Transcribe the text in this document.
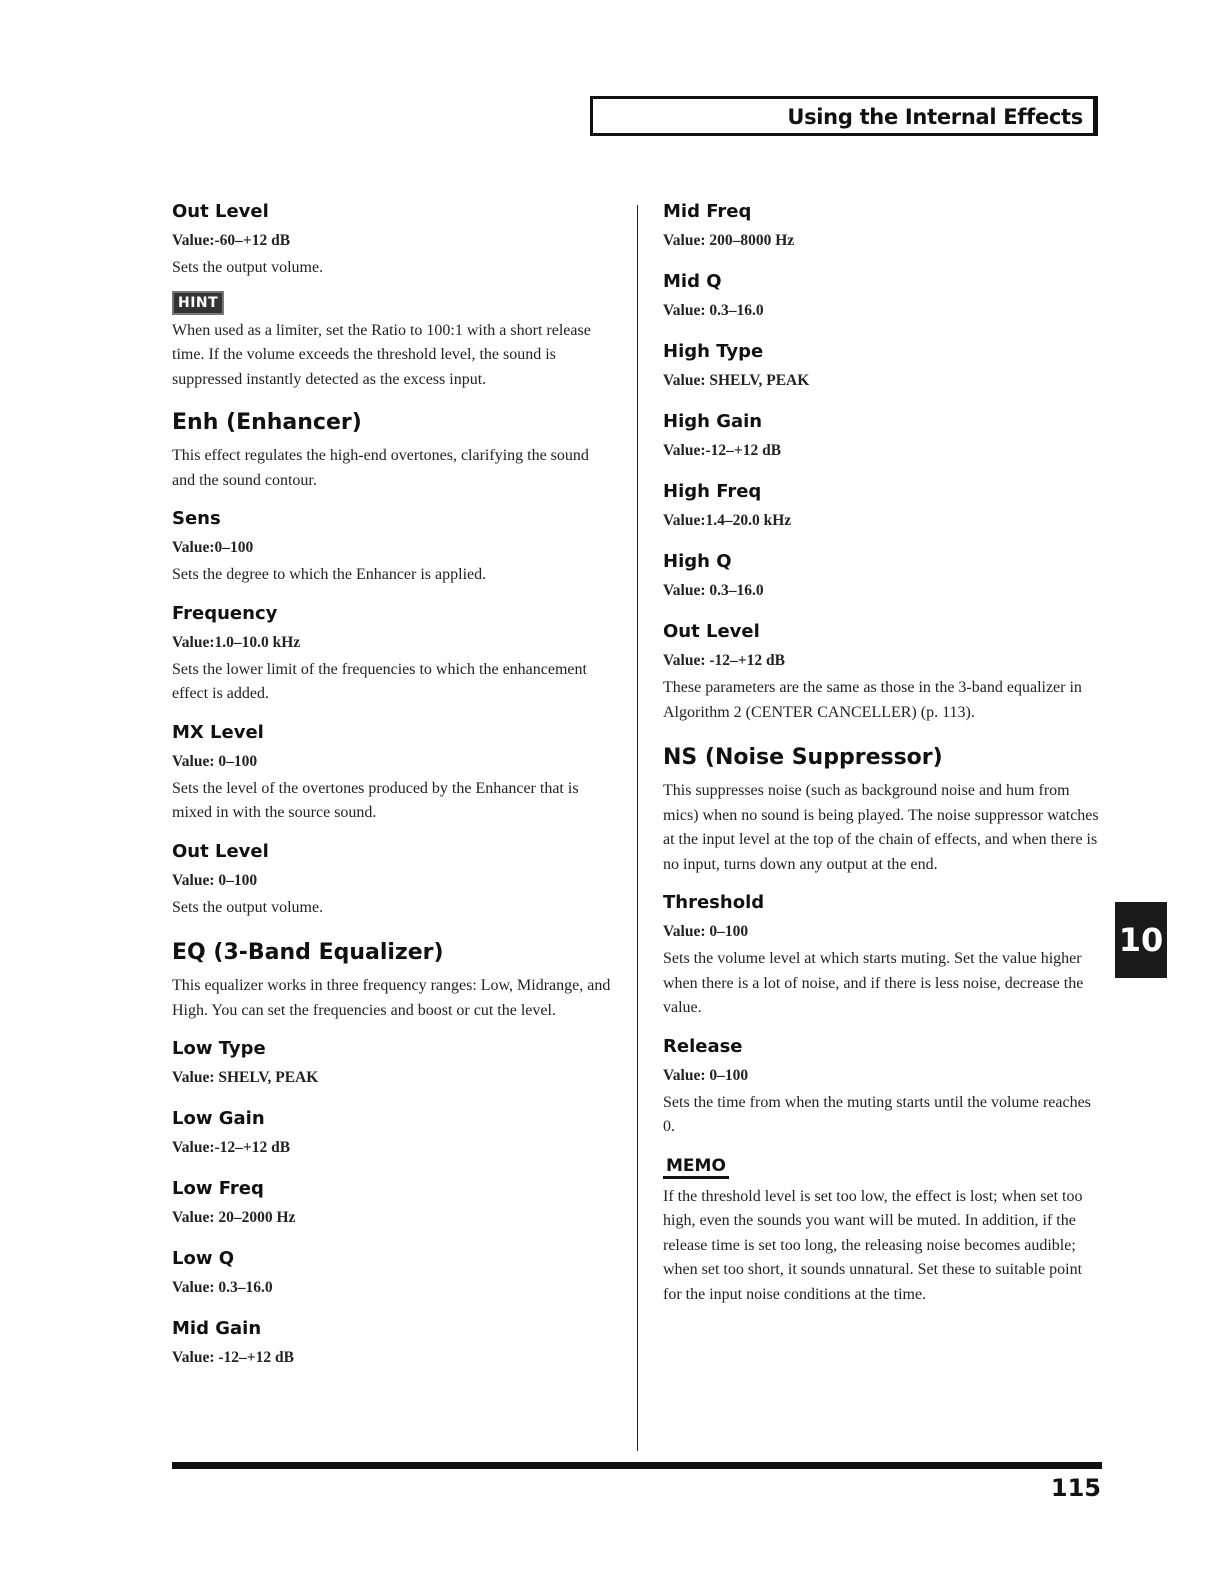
Using the Internal Effects
Out Level

Value:-60–+12 dB

Sets the output volume.

HINT

When used as a limiter, set the Ratio to 100:1 with a short release time. If the volume exceeds the threshold level, the sound is suppressed instantly detected as the excess input.

Enh (Enhancer)

This effect regulates the high-end overtones, clarifying the sound and the sound contour.

Sens

Value:0–100

Sets the degree to which the Enhancer is applied.

Frequency

Value:1.0–10.0 kHz

Sets the lower limit of the frequencies to which the enhancement effect is added.

MX Level

Value: 0–100

Sets the level of the overtones produced by the Enhancer that is mixed in with the source sound.

Out Level

Value: 0–100

Sets the output volume.

EQ (3-Band Equalizer)

This equalizer works in three frequency ranges: Low, Midrange, and High. You can set the frequencies and boost or cut the level.

Low Type

Value: SHELV, PEAK

Low Gain

Value:-12–+12 dB

Low Freq

Value: 20–2000 Hz

Low Q

Value: 0.3–16.0

Mid Gain

Value: -12–+12 dB

Mid Freq

Value: 200–8000 Hz

Mid Q

Value: 0.3–16.0

High Type

Value: SHELV, PEAK

High Gain

Value:-12–+12 dB

High Freq

Value:1.4–20.0 kHz

High Q

Value: 0.3–16.0

Out Level

Value: -12–+12 dB

These parameters are the same as those in the 3-band equalizer in Algorithm 2 (CENTER CANCELLER) (p. 113).

NS (Noise Suppressor)

This suppresses noise (such as background noise and hum from mics) when no sound is being played. The noise suppressor watches at the input level at the top of the chain of effects, and when there is no input, turns down any output at the end.

Threshold

Value: 0–100

Sets the volume level at which starts muting. Set the value higher when there is a lot of noise, and if there is less noise, decrease the value.

Release

Value: 0–100

Sets the time from when the muting starts until the volume reaches 0.

MEMO

If the threshold level is set too low, the effect is lost; when set too high, even the sounds you want will be muted. In addition, if the release time is set too long, the releasing noise becomes audible; when set too short, it sounds unnatural. Set these to suitable point for the input noise conditions at the time.

10
115
